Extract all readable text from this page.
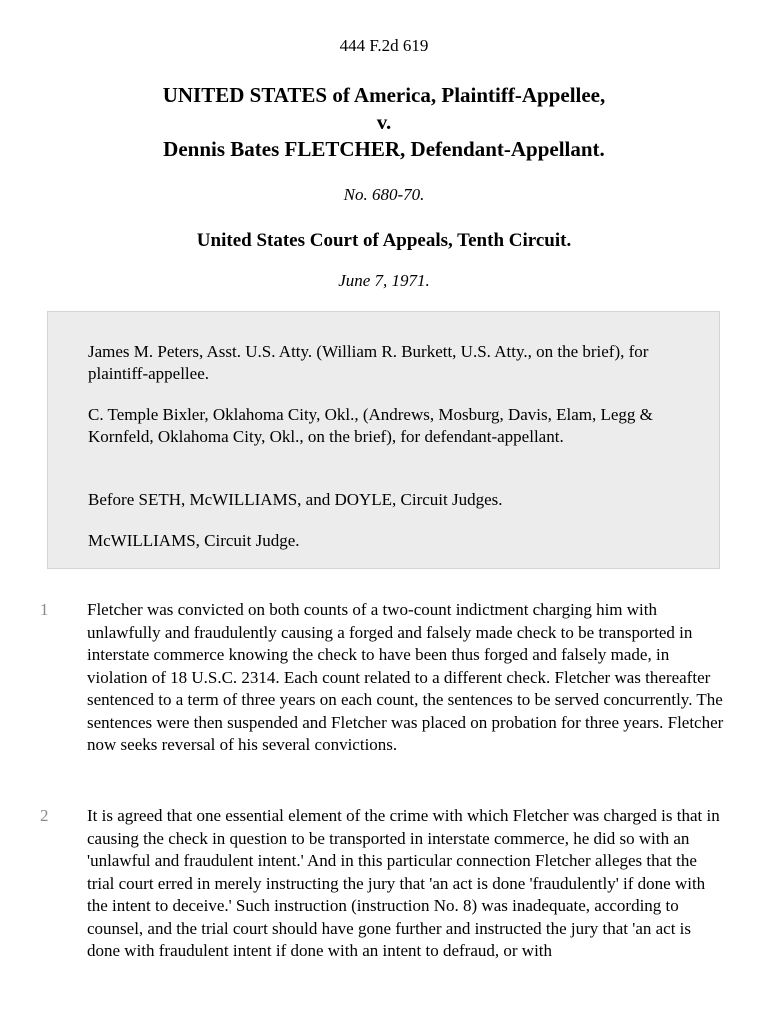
444 F.2d 619
UNITED STATES of America, Plaintiff-Appellee,
v.
Dennis Bates FLETCHER, Defendant-Appellant.
No. 680-70.
United States Court of Appeals, Tenth Circuit.
June 7, 1971.

James M. Peters, Asst. U.S. Atty. (William R. Burkett, U.S. Atty., on the brief), for plaintiff-appellee.

C. Temple Bixler, Oklahoma City, Okl., (Andrews, Mosburg, Davis, Elam, Legg & Kornfeld, Oklahoma City, Okl., on the brief), for defendant-appellant.

Before SETH, McWILLIAMS, and DOYLE, Circuit Judges.

McWILLIAMS, Circuit Judge.

1	Fletcher was convicted on both counts of a two-count indictment charging him with unlawfully and fraudulently causing a forged and falsely made check to be transported in interstate commerce knowing the check to have been thus forged and falsely made, in violation of 18 U.S.C. 2314. Each count related to a different check. Fletcher was thereafter sentenced to a term of three years on each count, the sentences to be served concurrently. The sentences were then suspended and Fletcher was placed on probation for three years. Fletcher now seeks reversal of his several convictions.

2	It is agreed that one essential element of the crime with which Fletcher was charged is that in causing the check in question to be transported in interstate commerce, he did so with an 'unlawful and fraudulent intent.' And in this particular connection Fletcher alleges that the trial court erred in merely instructing the jury that 'an act is done 'fraudulently' if done with the intent to deceive.' Such instruction (instruction No. 8) was inadequate, according to counsel, and the trial court should have gone further and instructed the jury that 'an act is done with fraudulent intent if done with an intent to defraud, or with
